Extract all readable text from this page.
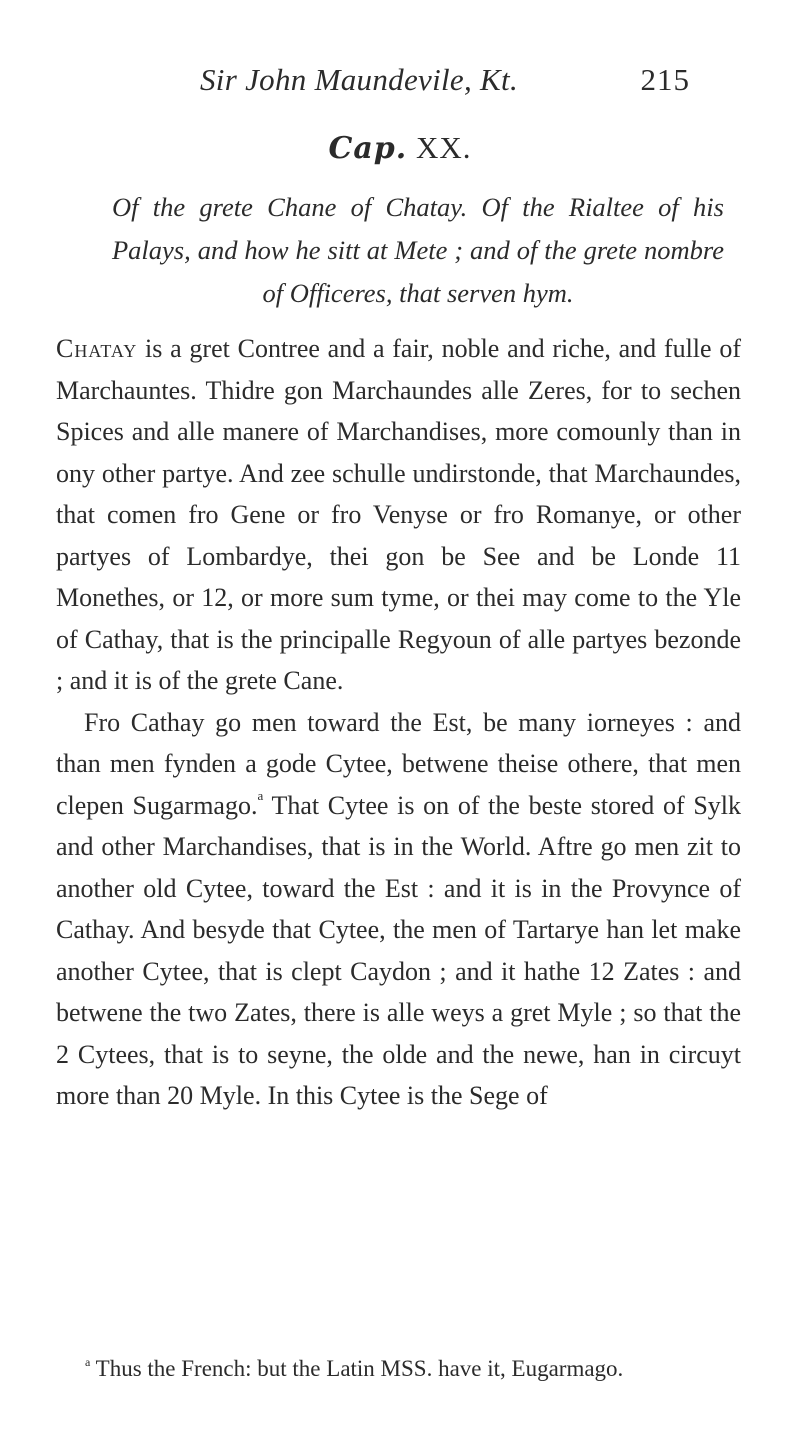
Sir John Maundevile, Kt.	215
Cap. XX.
Of the grete Chane of Chatay. Of the Rialtee of his Palays, and how he sitt at Mete ; and of the grete nombre of Officeres, that serven hym.

Chatay is a gret Contree and a fair, noble and riche, and fulle of Marchauntes. Thidre gon Marchaundes alle Zeres, for to sechen Spices and alle manere of Marchandises, more comounly than in ony other partye. And zee schulle undirstonde, that Marchaundes, that comen fro Gene or fro Venyse or fro Romanye, or other partyes of Lombardye, thei gon be See and be Londe 11 Monethes, or 12, or more sum tyme, or thei may come to the Yle of Cathay, that is the principalle Regyoun of alle partyes bezonde ; and it is of the grete Cane.

Fro Cathay go men toward the Est, be many iorneyes : and than men fynden a gode Cytee, betwene theise othere, that men clepen Sugarmago.$^a$ That Cytee is on of the beste stored of Sylk and other Marchandises, that is in the World. Aftre go men zit to another old Cytee, toward the Est : and it is in the Provynce of Cathay. And besyde that Cytee, the men of Tartarye han let make another Cytee, that is clept Caydon ; and it hathe 12 Zates : and betwene the two Zates, there is alle weys a gret Myle ; so that the 2 Cytees, that is to seyne, the olde and the newe, han in circuyt more than 20 Myle. In this Cytee is the Sege of

$^a$ Thus the French: but the Latin MSS. have it, Eugarmago.
